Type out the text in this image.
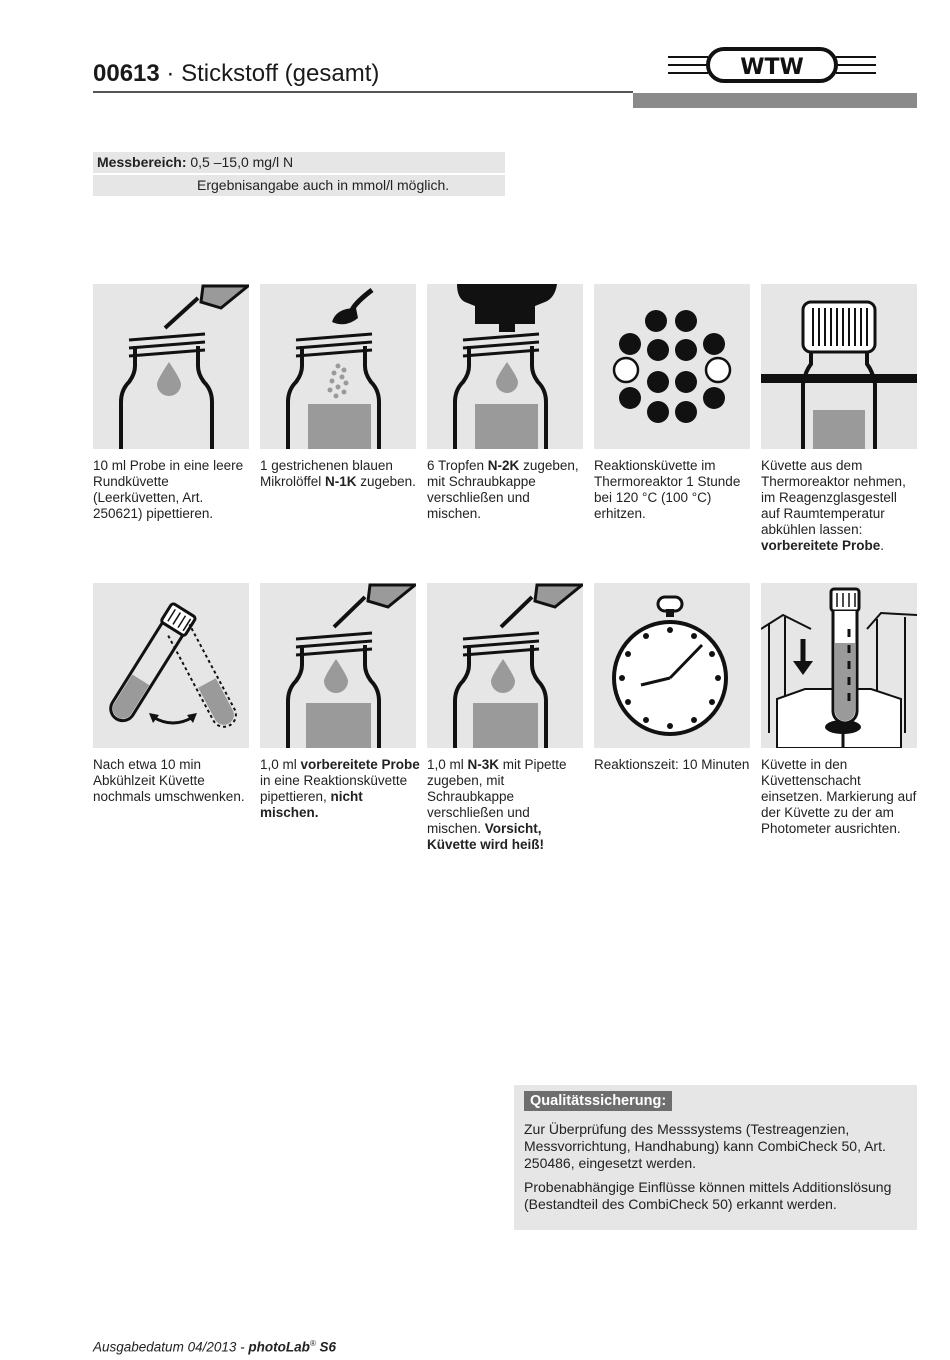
00613 · Stickstoff (gesamt)	WTW
Messbereich: 0,5 –15,0 mg/l N
Ergebnisangabe auch in mmol/l möglich.
10 ml Probe in eine leere Rundküvette (Leerküvetten, Art. 250621) pipettieren.
1 gestrichenen blauen Mikrolöffel N-1K zugeben.
6 Tropfen N-2K zugeben, mit Schraubkappe verschließen und mischen.
Reaktionsküvette im Thermoreaktor 1 Stunde bei 120 °C (100 °C) erhitzen.
Küvette aus dem Thermoreaktor nehmen, im Reagenzglasgestell auf Raumtemperatur abkühlen lassen: vorbereitete Probe.
Nach etwa 10 min Abkühlzeit Küvette nochmals umschwenken.
1,0 ml vorbereitete Probe in eine Reaktionsküvette pipettieren, nicht mischen.
1,0 ml N-3K mit Pipette zugeben, mit Schraubkappe verschließen und mischen. Vorsicht, Küvette wird heiß!
Reaktionszeit: 10 Minuten Küvette in den Küvettenschacht einsetzen. Markierung auf der Küvette zu der am Photometer ausrichten.
Qualitätssicherung:
Zur Überprüfung des Messsystems (Testreagenzien, Messvorrichtung, Handhabung) kann CombiCheck 50, Art. 250486, eingesetzt werden.
Probenabhängige Einflüsse können mittels Additionslösung (Bestandteil des CombiCheck 50) erkannt werden.
Ausgabedatum 04/2013 - photoLab® S6
